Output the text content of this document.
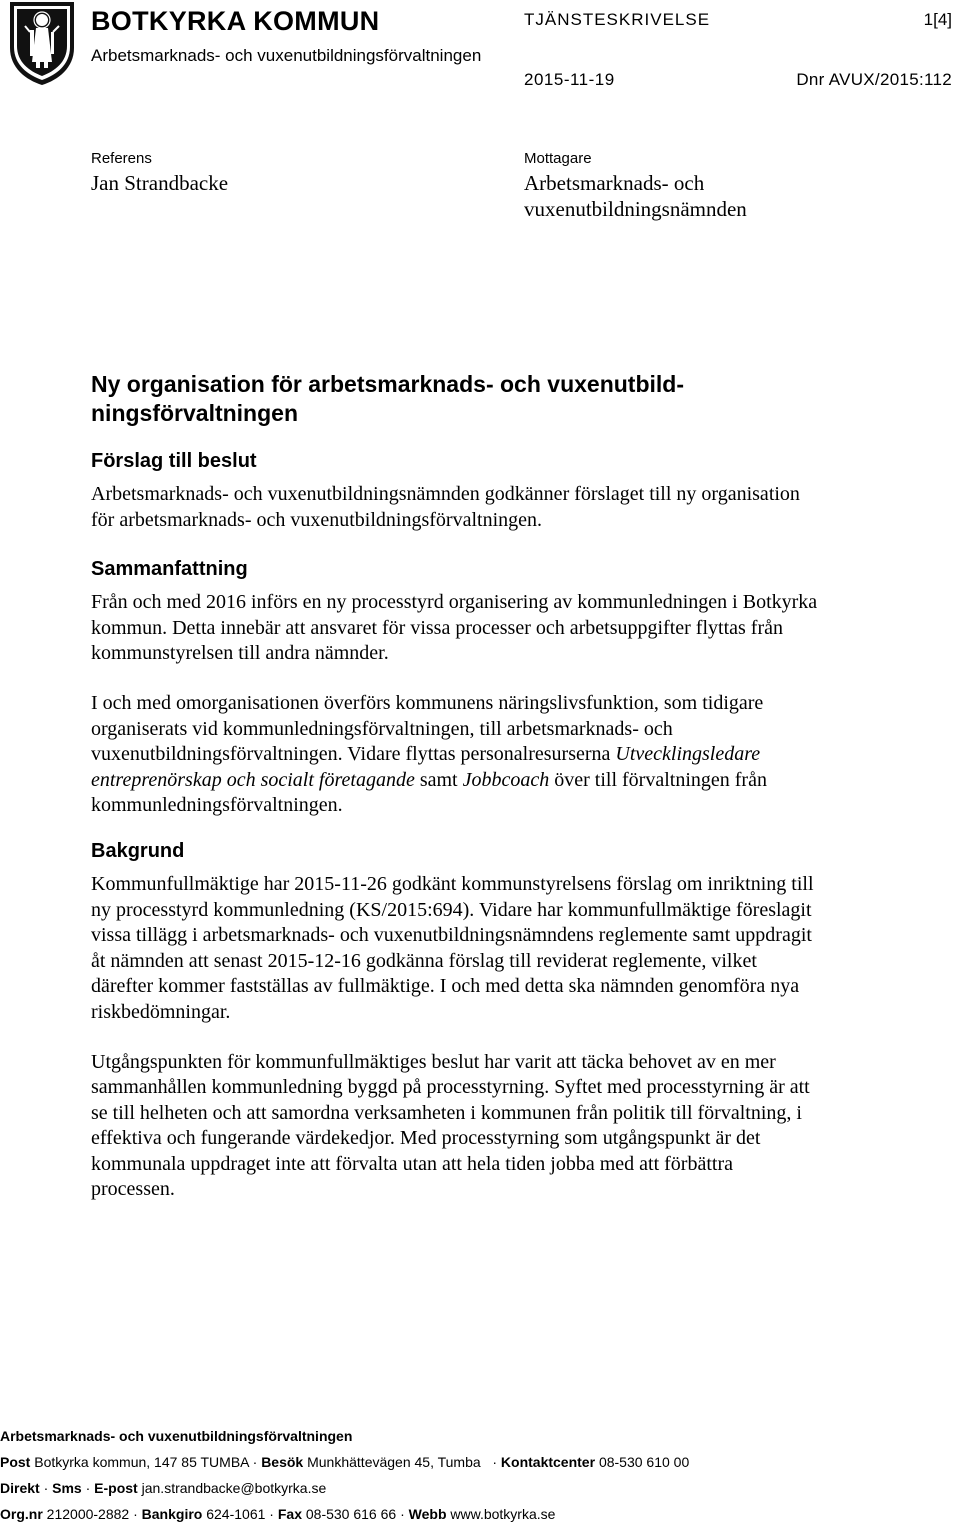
BOTKYRKA KOMMUN
Arbetsmarknads- och vuxenutbildningsförvaltningen
TJÄNSTESKRIVELSE	1[4]
2015-11-19	Dnr AVUX/2015:112
Referens
Jan Strandbacke
Mottagare
Arbetsmarknads- och
vuxenutbildningsnämnden
Ny organisation för arbetsmarknads- och vuxenutbild-
ningsförvaltningen
Förslag till beslut

Arbetsmarknads- och vuxenutbildningsnämnden godkänner förslaget till ny organisation för arbetsmarknads- och vuxenutbildningsförvaltningen.

Sammanfattning

Från och med 2016 införs en ny processtyrd organisering av kommunledningen i Botkyrka kommun. Detta innebär att ansvaret för vissa processer och arbetsuppgifter flyttas från kommunstyrelsen till andra nämnder.

I och med omorganisationen överförs kommunens näringslivsfunktion, som tidigare organiserats vid kommunledningsförvaltningen, till arbetsmarknads- och vuxenutbildningsförvaltningen. Vidare flyttas personalresurserna Utvecklingsledare entreprenörskap och socialt företagande samt Jobbcoach över till förvaltningen från kommunledningsförvaltningen.

Bakgrund

Kommunfullmäktige har 2015-11-26 godkänt kommunstyrelsens förslag om inriktning till ny processtyrd kommunledning (KS/2015:694). Vidare har kommunfullmäktige föreslagit vissa tillägg i arbetsmarknads- och vuxenutbildningsnämndens reglemente samt uppdragit åt nämnden att senast 2015-12-16 godkänna förslag till reviderat reglemente, vilket därefter kommer fastställas av fullmäktige. I och med detta ska nämnden genomföra nya riskbedömningar.

Utgångspunkten för kommunfullmäktiges beslut har varit att täcka behovet av en mer sammanhållen kommunledning byggd på processtyrning. Syftet med processtyrning är att se till helheten och att samordna verksamheten i kommunen från politik till förvaltning, i effektiva och fungerande värdekedjor. Med processtyrning som utgångspunkt är det kommunala uppdraget inte att förvalta utan att hela tiden jobba med att förbättra processen.

Arbetsmarknads- och vuxenutbildningsförvaltningen
Post Botkyrka kommun, 147 85 TUMBA · Besök Munkhättevägen 45, Tumba · Kontaktcenter 08-530 610 00
Direkt · Sms · E-post jan.strandbacke@botkyrka.se
Org.nr 212000-2882 · Bankgiro 624-1061 · Fax 08-530 616 66 · Webb www.botkyrka.se
